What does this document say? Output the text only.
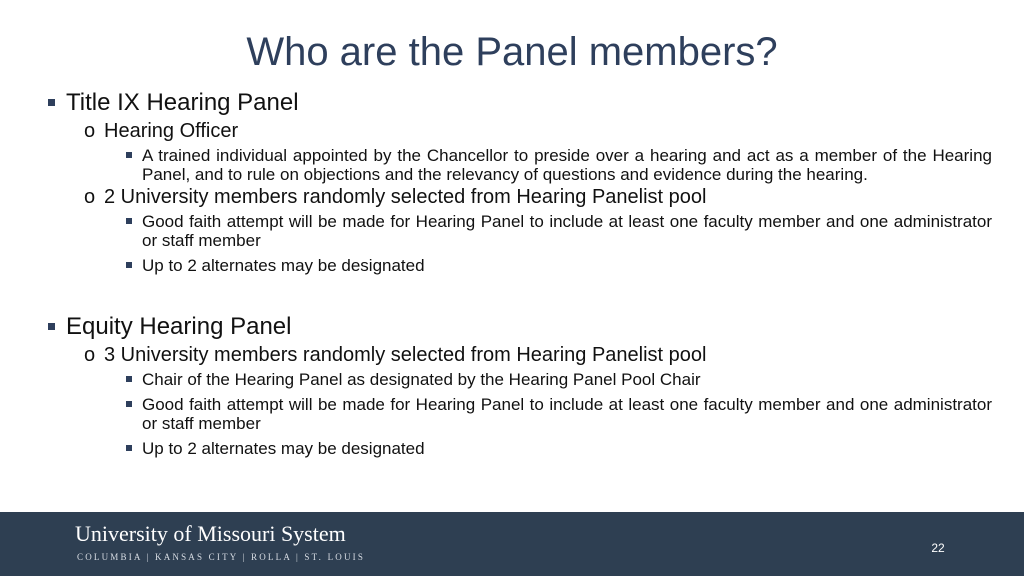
Who are the Panel members?
Title IX Hearing Panel
o Hearing Officer
A trained individual appointed by the Chancellor to preside over a hearing and act as a member of the Hearing Panel, and to rule on objections and the relevancy of questions and evidence during the hearing.
o 2 University members randomly selected from Hearing Panelist pool
Good faith attempt will be made for Hearing Panel to include at least one faculty member and one administrator or staff member
Up to 2 alternates may be designated
Equity Hearing Panel
o 3 University members randomly selected from Hearing Panelist pool
Chair of the Hearing Panel as designated by the Hearing Panel Pool Chair
Good faith attempt will be made for Hearing Panel to include at least one faculty member and one administrator or staff member
Up to 2 alternates may be designated
University of Missouri System
COLUMBIA | KANSAS CITY | ROLLA | ST. LOUIS
22
